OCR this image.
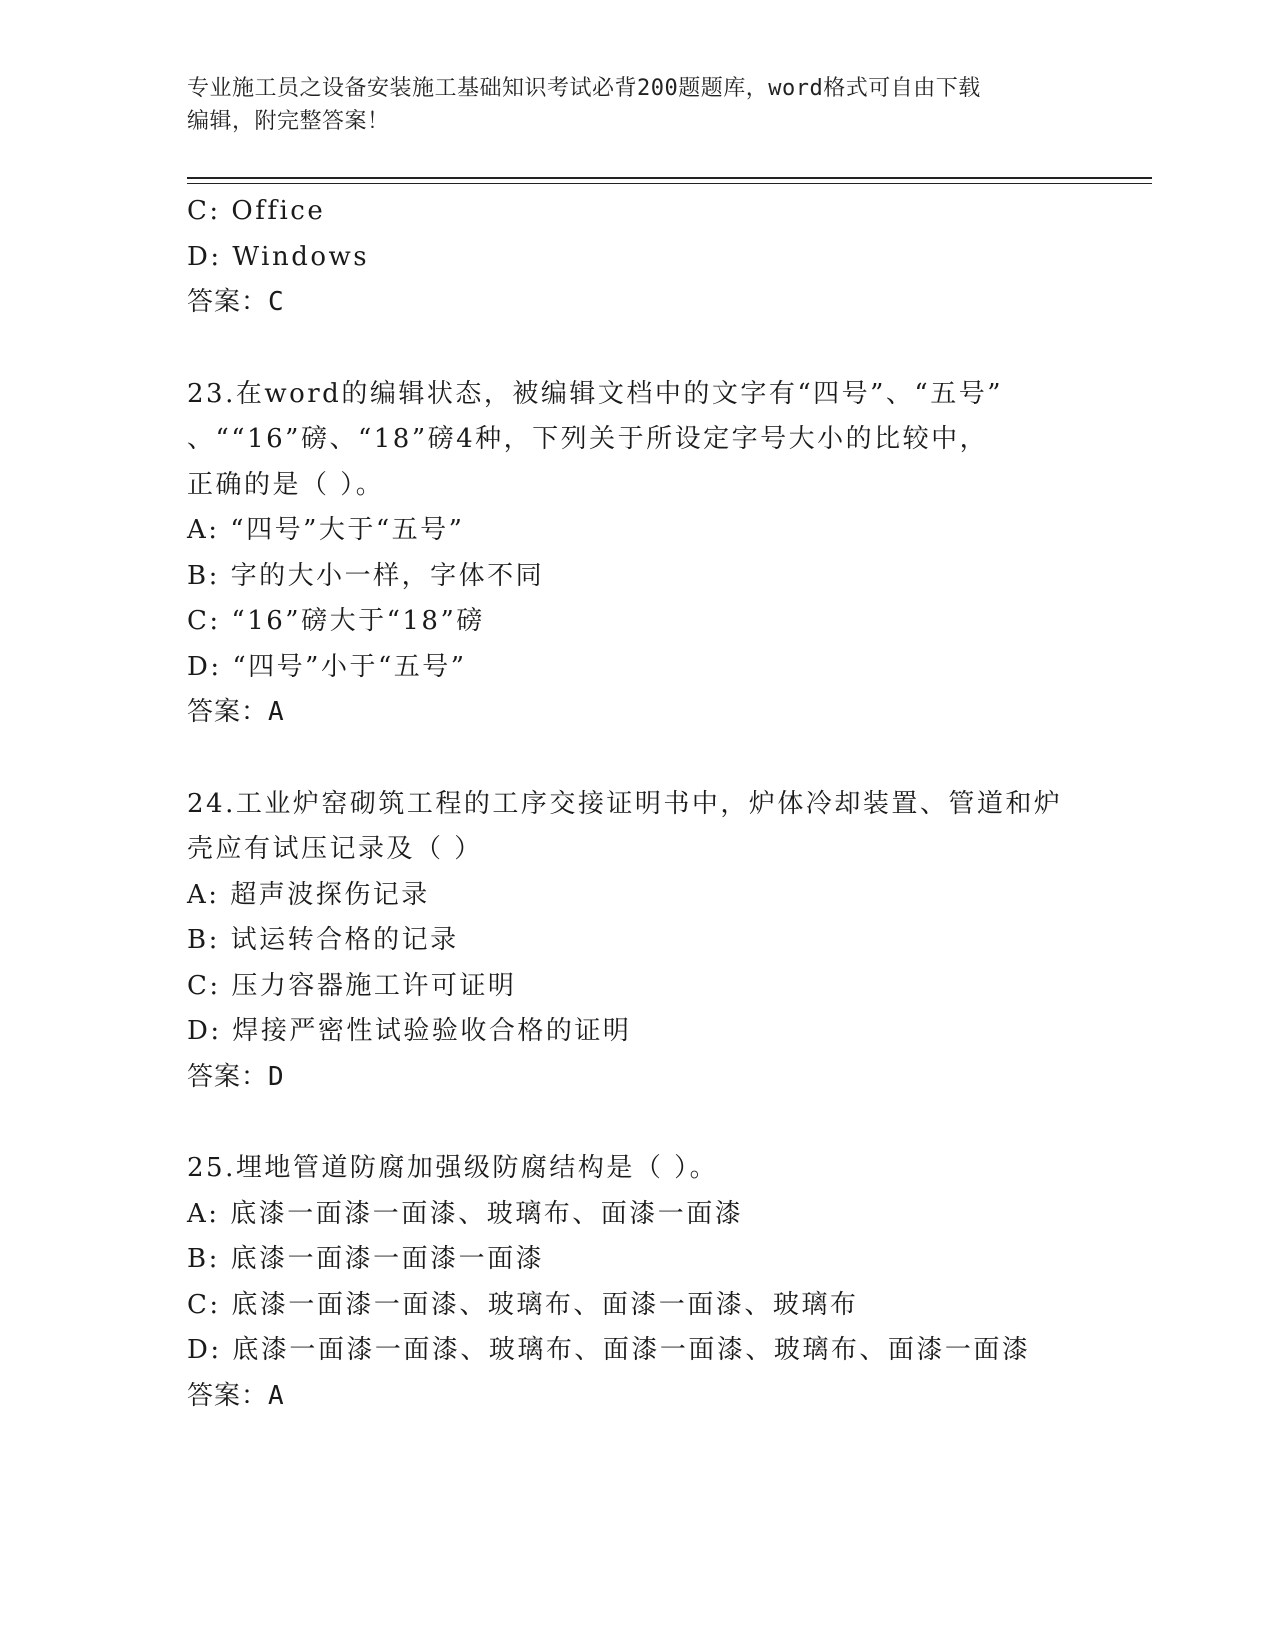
专业施工员之设备安装施工基础知识考试必背200题题库，word格式可自由下载
编辑，附完整答案！
C: Office
D: Windows
答案：C
23.在word的编辑状态，被编辑文档中的文字有“四号”、“五号”
、““16”磅、“18”磅4种，下列关于所设定字号大小的比较中，
正确的是（ ）。
A: “四号”大于“五号”
B: 字的大小一样，字体不同
C: “16”磅大于“18”磅
D: “四号”小于“五号”
答案：A
24.工业炉窑砌筑工程的工序交接证明书中，炉体冷却装置、管道和炉
壳应有试压记录及（ ）
A: 超声波探伤记录
B: 试运转合格的记录
C: 压力容器施工许可证明
D: 焊接严密性试验验收合格的证明
答案：D
25.埋地管道防腐加强级防腐结构是（ ）。
A: 底漆一面漆一面漆、玻璃布、面漆一面漆
B: 底漆一面漆一面漆一面漆
C: 底漆一面漆一面漆、玻璃布、面漆一面漆、玻璃布
D: 底漆一面漆一面漆、玻璃布、面漆一面漆、玻璃布、面漆一面漆
答案：A
